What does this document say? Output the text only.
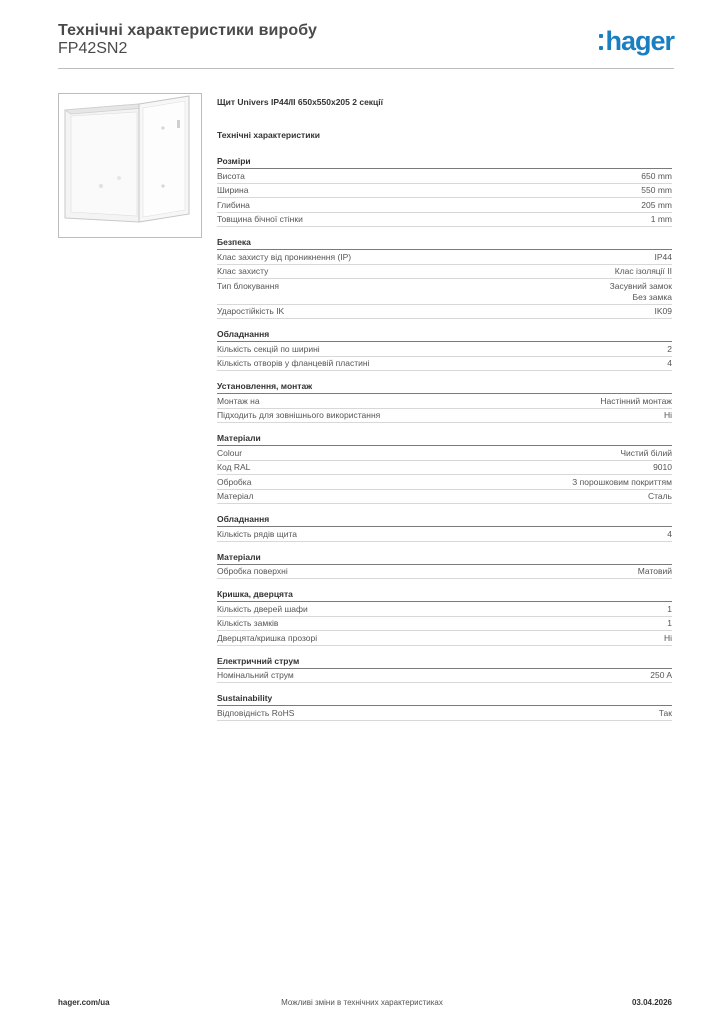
Технічні характеристики виробу
FP42SN2	hager
Щит Univers IP44/II 650x550x205 2 секції
Технічні характеристики
Розміри
Висота	650 mm
Ширина	550 mm
Глибина	205 mm
Товщина бічної стінки	1 mm
Безпека
Клас захисту від проникнення (IP)	IP44
Клас захисту	Клас ізоляції II
Тип блокування	Засувний замок
Без замка
Ударостійкість IK	IK09
Обладнання
Кількість секцій по ширині	2
Кількість отворів у фланцевій пластині	4
Установлення, монтаж
Монтаж на	Настінний монтаж
Підходить для зовнішнього використання	Ні
Матеріали
Colour	Чистий білий
Код RAL	9010
Обробка	З порошковим покриттям
Матеріал	Сталь
Обладнання
Кількість рядів щита	4
Матеріали
Обробка поверхні	Матовий
Кришка, дверцята
Кількість дверей шафи	1
Кількість замків	1
Дверцята/кришка прозорі	Ні
Електричний струм
Номінальний струм	250 A
Sustainability
Відповідність RoHS	Так
hager.com/ua	Можливі зміни в технічних характеристиках	03.04.2026
